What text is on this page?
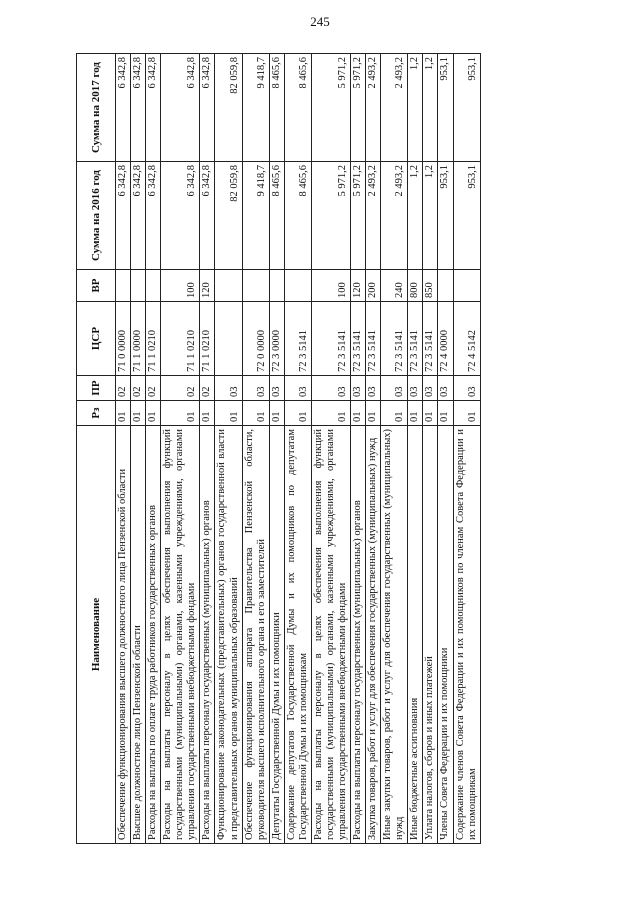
245
Наименование	Рз	ПР	ЦСР	ВР	Сумма на 2016 год	Сумма на 2017 год
Обеспечение функционирования высшего должностного лица Пензенской области	01	02	71 0 0000		6 342,8	6 342,8
Высшее должностное лицо Пензенской области	01	02	71 1 0000		6 342,8	6 342,8
Расходы на выплаты по оплате труда работников государственных органов	01	02	71 1 0210		6 342,8	6 342,8
Расходы на выплаты персоналу в целях обеспечения выполнения функций государственными (муниципальными) органами, казенными учреждениями, органами управления государственными внебюджетными фондами	01	02	71 1 0210	100	6 342,8	6 342,8
Расходы на выплаты персоналу государственных (муниципальных) органов	01	02	71 1 0210	120	6 342,8	6 342,8
Функционирование законодательных (представительных) органов государственной власти и представительных органов муниципальных образований	01	03			82 059,8	82 059,8
Обеспечение функционирования аппарата Правительства Пензенской области, руководителя высшего исполнительного органа и его заместителей	01	03	72 0 0000		9 418,7	9 418,7
Депутаты Государственной Думы и их помощники	01	03	72 3 0000		8 465,6	8 465,6
Содержание депутатов Государственной Думы и их помощников по депутатам Государственной Думы и их помощникам	01	03	72 3 5141		8 465,6	8 465,6
Расходы на выплаты персоналу в целях обеспечения выполнения функций государственными (муниципальными) органами, казенными учреждениями, органами управления государственными внебюджетными фондами	01	03	72 3 5141	100	5 971,2	5 971,2
Расходы на выплаты персоналу государственных (муниципальных) органов	01	03	72 3 5141	120	5 971,2	5 971,2
Закупка товаров, работ и услуг для обеспечения государственных (муниципальных) нужд	01	03	72 3 5141	200	2 493,2	2 493,2
Иные закупки товаров, работ и услуг для обеспечения государственных (муниципальных) нужд	01	03	72 3 5141	240	2 493,2	2 493,2
Иные бюджетные ассигнования	01	03	72 3 5141	800	1,2	1,2
Уплата налогов, сборов и иных платежей	01	03	72 3 5141	850	1,2	1,2
Члены Совета Федерации и их помощники	01	03	72 4 0000		953,1	953,1
Содержание членов Совета Федерации и их помощников по членам Совета Федерации и их помощникам	01	03	72 4 5142		953,1	953,1
